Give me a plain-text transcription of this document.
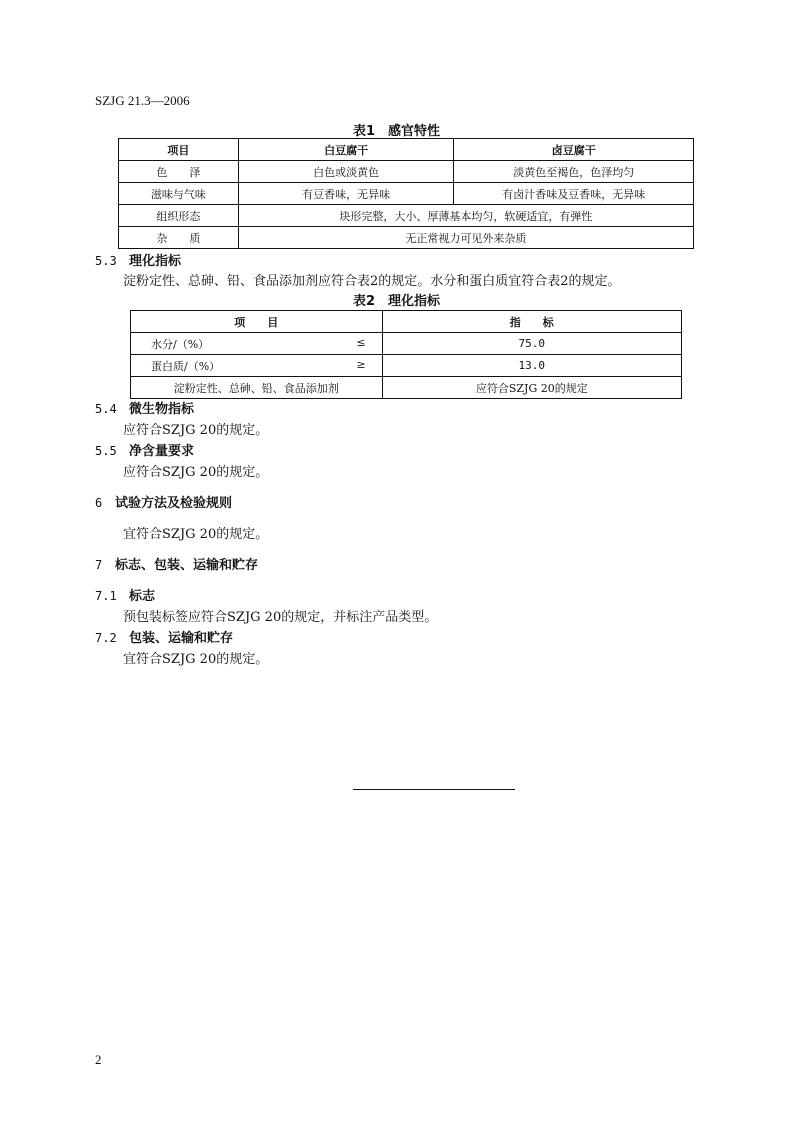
SZJG 21.3—2006
表1　感官特性
项目	白豆腐干	卤豆腐干
色　　泽	白色或淡黄色	淡黄色至褐色，色泽均匀
滋味与气味	有豆香味，无异味	有卤汁香味及豆香味，无异味
组织形态	块形完整，大小、厚薄基本均匀，软硬适宜，有弹性	
杂　　质	无正常视力可见外来杂质	
5.3 理化指标
淀粉定性、总砷、铅、食品添加剂应符合表2的规定。水分和蛋白质宜符合表2的规定。
表2　理化指标
项　　目	指　　标

水分/（%） ≤	75.0

蛋白质/（%） ≥	13.0
淀粉定性、总砷、铅、食品添加剂	应符合SZJG 20的规定
5.4 微生物指标
应符合SZJG 20的规定。
5.5 净含量要求
应符合SZJG 20的规定。
6 试验方法及检验规则
宜符合SZJG 20的规定。
7 标志、包装、运输和贮存
7.1 标志
预包装标签应符合SZJG 20的规定，并标注产品类型。
7.2 包装、运输和贮存
宜符合SZJG 20的规定。
2
